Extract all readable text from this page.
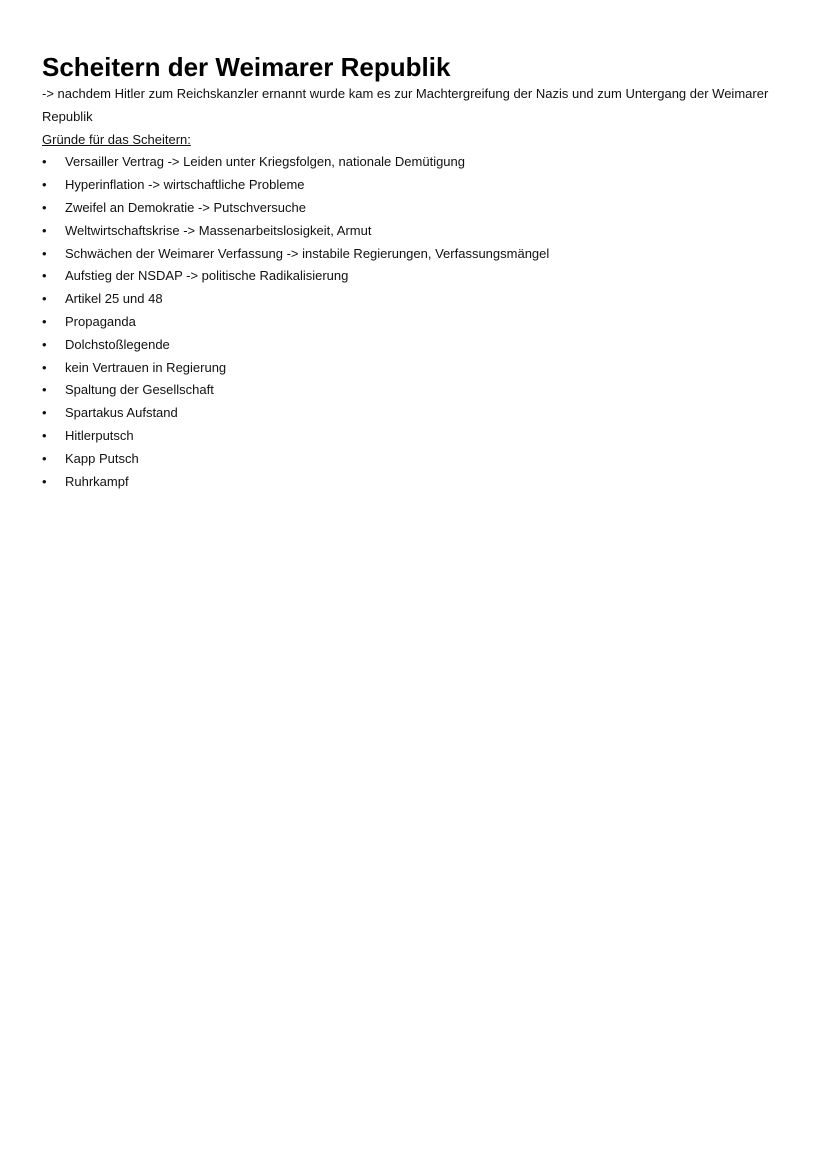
Scheitern der Weimarer Republik

-> nachdem Hitler zum Reichskanzler ernannt wurde kam es zur Machtergreifung der Nazis und zum Untergang der Weimarer Republik

Gründe für das Scheitern:

•	Versailler Vertrag -> Leiden unter Kriegsfolgen, nationale Demütigung
•	Hyperinflation -> wirtschaftliche Probleme
•	Zweifel an Demokratie -> Putschversuche
•	Weltwirtschaftskrise -> Massenarbeitslosigkeit, Armut
•	Schwächen der Weimarer Verfassung -> instabile Regierungen, Verfassungsmängel
•	Aufstieg der NSDAP -> politische Radikalisierung
•	Artikel 25 und 48
•	Propaganda
•	Dolchstoßlegende
•	kein Vertrauen in Regierung
•	Spaltung der Gesellschaft
•	Spartakus Aufstand
•	Hitlerputsch
•	Kapp Putsch
•	Ruhrkampf
